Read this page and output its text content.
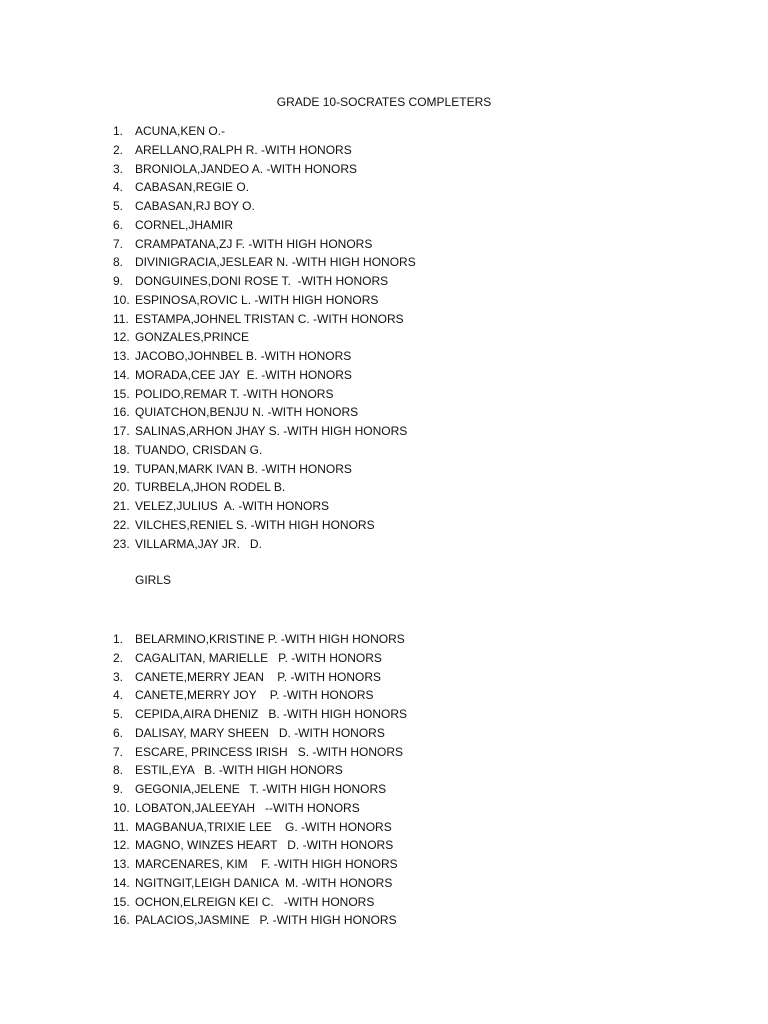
GRADE 10-SOCRATES COMPLETERS
1. ACUNA,KEN O.-
2. ARELLANO,RALPH R. -WITH HONORS
3. BRONIOLA,JANDEO A. -WITH HONORS
4. CABASAN,REGIE O.
5. CABASAN,RJ BOY O.
6. CORNEL,JHAMIR
7. CRAMPATANA,ZJ F. -WITH HIGH HONORS
8. DIVINIGRACIA,JESLEAR N. -WITH HIGH HONORS
9. DONGUINES,DONI ROSE T.  -WITH HONORS
10. ESPINOSA,ROVIC L. -WITH HIGH HONORS
11. ESTAMPA,JOHNEL TRISTAN C. -WITH HONORS
12. GONZALES,PRINCE
13. JACOBO,JOHNBEL B. -WITH HONORS
14. MORADA,CEE JAY  E. -WITH HONORS
15. POLIDO,REMAR T. -WITH HONORS
16. QUIATCHON,BENJU N. -WITH HONORS
17. SALINAS,ARHON JHAY S. -WITH HIGH HONORS
18. TUANDO, CRISDAN G.
19. TUPAN,MARK IVAN B. -WITH HONORS
20. TURBELA,JHON RODEL B.
21. VELEZ,JULIUS  A. -WITH HONORS
22. VILCHES,RENIEL S. -WITH HIGH HONORS
23. VILLARMA,JAY JR.   D.
GIRLS
1. BELARMINO,KRISTINE P. -WITH HIGH HONORS
2. CAGALITAN, MARIELLE   P. -WITH HONORS
3. CANETE,MERRY JEAN    P. -WITH HONORS
4. CANETE,MERRY JOY    P. -WITH HONORS
5. CEPIDA,AIRA DHENIZ   B. -WITH HIGH HONORS
6. DALISAY, MARY SHEEN   D. -WITH HONORS
7. ESCARE, PRINCESS IRISH   S. -WITH HONORS
8. ESTIL,EYA   B. -WITH HIGH HONORS
9. GEGONIA,JELENE   T. -WITH HIGH HONORS
10. LOBATON,JALEEYAH   --WITH HONORS
11. MAGBANUA,TRIXIE LEE    G. -WITH HONORS
12. MAGNO, WINZES HEART   D. -WITH HONORS
13. MARCENARES, KIM    F. -WITH HIGH HONORS
14. NGITNGIT,LEIGH DANICA  M. -WITH HONORS
15. OCHON,ELREIGN KEI C.   -WITH HONORS
16. PALACIOS,JASMINE   P. -WITH HIGH HONORS
